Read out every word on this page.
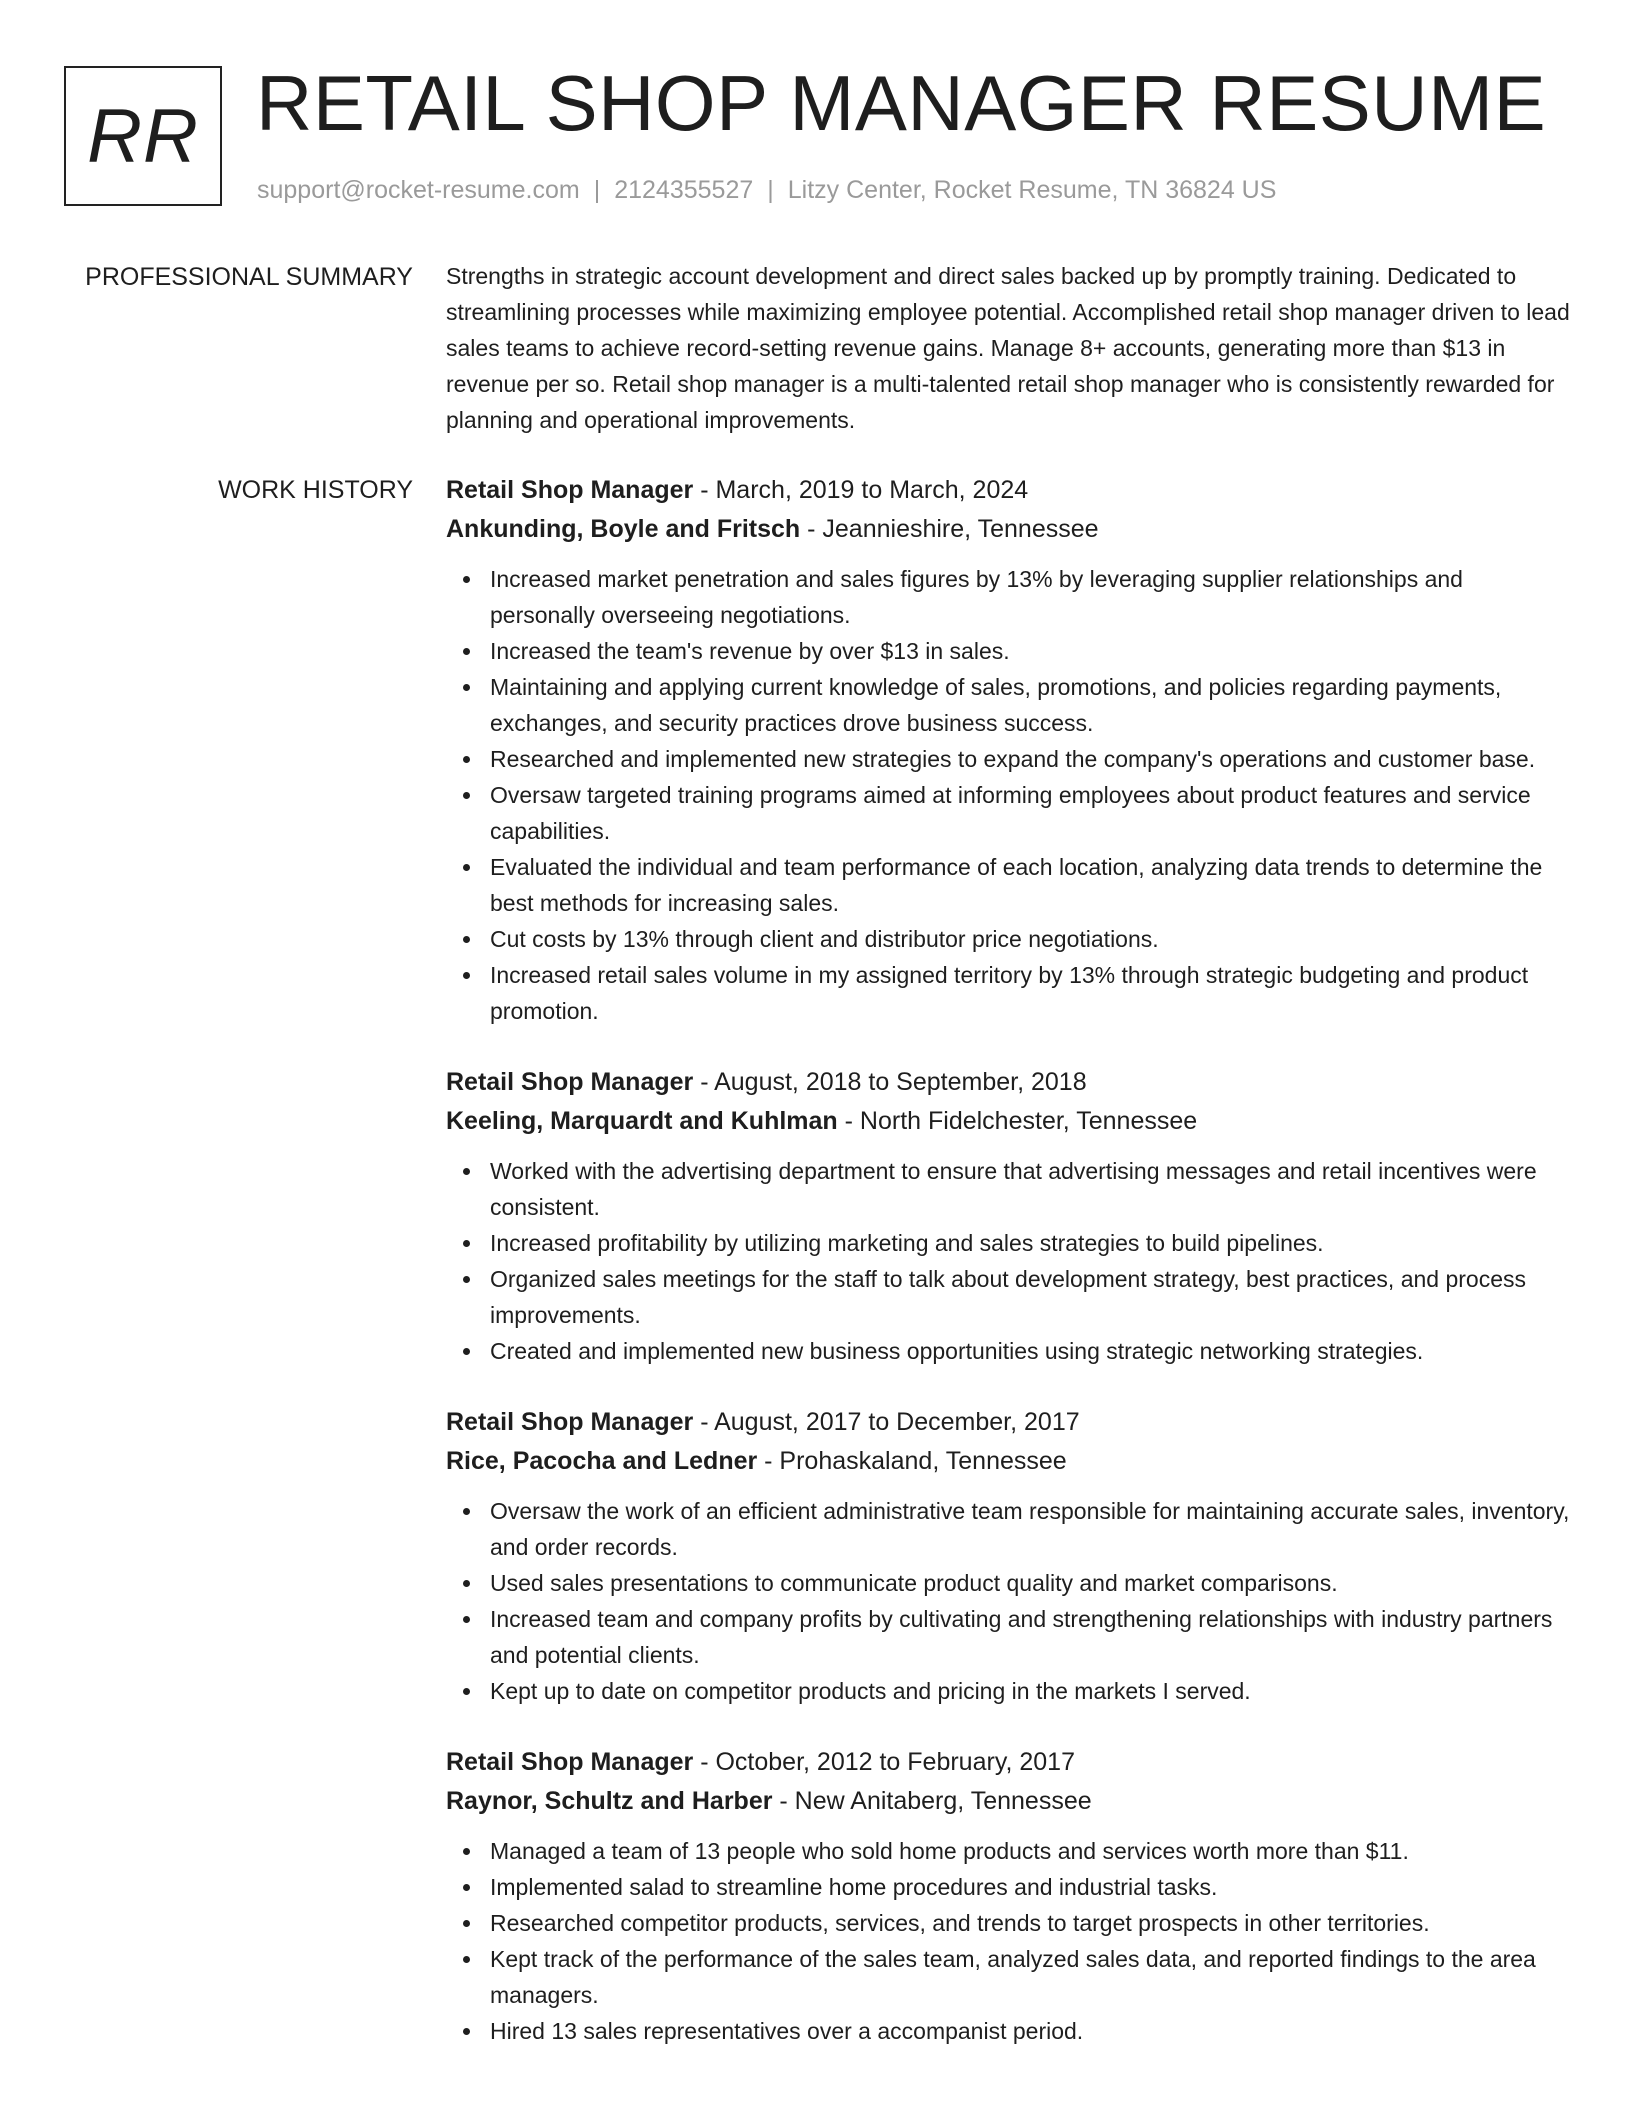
RR RETAIL SHOP MANAGER RESUME
support@rocket-resume.com | 2124355527 | Litzy Center, Rocket Resume, TN 36824 US
PROFESSIONAL SUMMARY Strengths in strategic account development and direct sales backed up by promptly training. Dedicated to streamlining processes while maximizing employee potential. Accomplished retail shop manager driven to lead sales teams to achieve record-setting revenue gains. Manage 8+ accounts, generating more than $13 in revenue per so. Retail shop manager is a multi-talented retail shop manager who is consistently rewarded for planning and operational improvements.

WORK HISTORY Retail Shop Manager - March, 2019 to March, 2024
Ankunding, Boyle and Fritsch - Jeannieshire, Tennessee
Increased market penetration and sales figures by 13% by leveraging supplier relationships and personally overseeing negotiations.
Increased the team's revenue by over $13 in sales.
Maintaining and applying current knowledge of sales, promotions, and policies regarding payments, exchanges, and security practices drove business success.
Researched and implemented new strategies to expand the company's operations and customer base.
Oversaw targeted training programs aimed at informing employees about product features and service capabilities.
Evaluated the individual and team performance of each location, analyzing data trends to determine the best methods for increasing sales.
Cut costs by 13% through client and distributor price negotiations.
Increased retail sales volume in my assigned territory by 13% through strategic budgeting and product promotion.
Retail Shop Manager - August, 2018 to September, 2018
Keeling, Marquardt and Kuhlman - North Fidelchester, Tennessee
Worked with the advertising department to ensure that advertising messages and retail incentives were consistent.
Increased profitability by utilizing marketing and sales strategies to build pipelines.
Organized sales meetings for the staff to talk about development strategy, best practices, and process improvements.
Created and implemented new business opportunities using strategic networking strategies.
Retail Shop Manager - August, 2017 to December, 2017
Rice, Pacocha and Ledner - Prohaskaland, Tennessee
Oversaw the work of an efficient administrative team responsible for maintaining accurate sales, inventory, and order records.
Used sales presentations to communicate product quality and market comparisons.
Increased team and company profits by cultivating and strengthening relationships with industry partners and potential clients.
Kept up to date on competitor products and pricing in the markets I served.
Retail Shop Manager - October, 2012 to February, 2017
Raynor, Schultz and Harber - New Anitaberg, Tennessee
Managed a team of 13 people who sold home products and services worth more than $11.
Implemented salad to streamline home procedures and industrial tasks.
Researched competitor products, services, and trends to target prospects in other territories.
Kept track of the performance of the sales team, analyzed sales data, and reported findings to the area managers.
Hired 13 sales representatives over a accompanist period.
